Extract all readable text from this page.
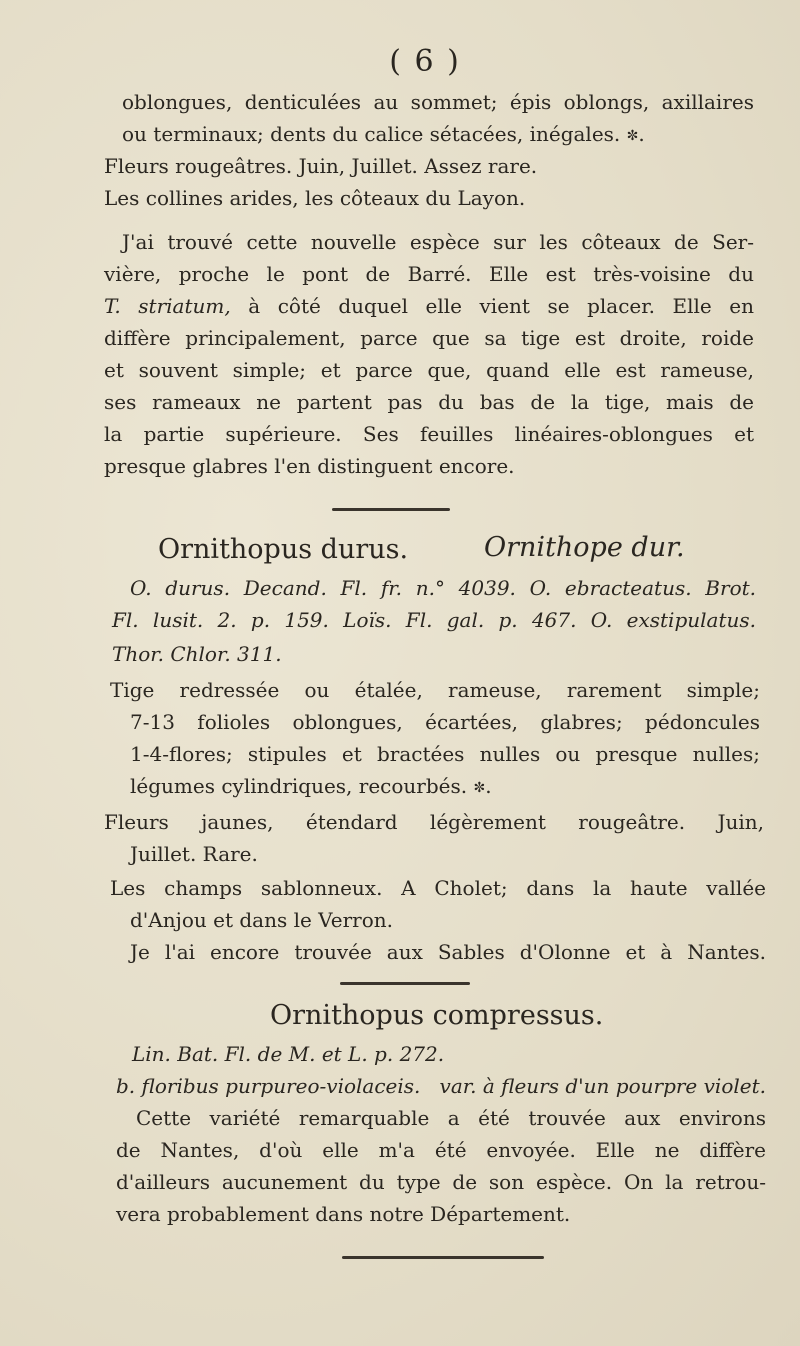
( 6 )
oblongues, denticulées au sommet; épis oblongs, axillaires
ou terminaux; dents du calice sétacées, inégales. ✼.
Fleurs rougeâtres. Juin, Juillet. Assez rare.
Les collines arides, les côteaux du Layon.
J'ai trouvé cette nouvelle espèce sur les côteaux de Ser-
vière, proche le pont de Barré. Elle est très-voisine du
T. striatum, à côté duquel elle vient se placer. Elle en
diffère principalement, parce que sa tige est droite, roide
et souvent simple; et parce que, quand elle est rameuse,
ses rameaux ne partent pas du bas de la tige, mais de
la partie supérieure. Ses feuilles linéaires-oblongues et
presque glabres l'en distinguent encore.
Ornithopus durus.	Ornithope dur.
O. durus. Decand. Fl. fr. n.° 4039. O. ebracteatus. Brot.
Fl. lusit. 2. p. 159. Loïs. Fl. gal. p. 467. O. exstipulatus.
Thor. Chlor. 311.
Tige redressée ou étalée, rameuse, rarement simple;
7-13 folioles oblongues, écartées, glabres; pédoncules
1-4-flores; stipules et bractées nulles ou presque nulles;
légumes cylindriques, recourbés. ✼.
Fleurs jaunes, étendard légèrement rougeâtre. Juin,
Juillet. Rare.
Les champs sablonneux. A Cholet; dans la haute vallée
d'Anjou et dans le Verron.
Je l'ai encore trouvée aux Sables d'Olonne et à Nantes.
Ornithopus compressus.
Lin. Bat. Fl. de M. et L. p. 272.
b. floribus purpureo-violaceis. var. à fleurs d'un pourpre violet.
Cette variété remarquable a été trouvée aux environs
de Nantes, d'où elle m'a été envoyée. Elle ne diffère
d'ailleurs aucunement du type de son espèce. On la retrou-
vera probablement dans notre Département.
